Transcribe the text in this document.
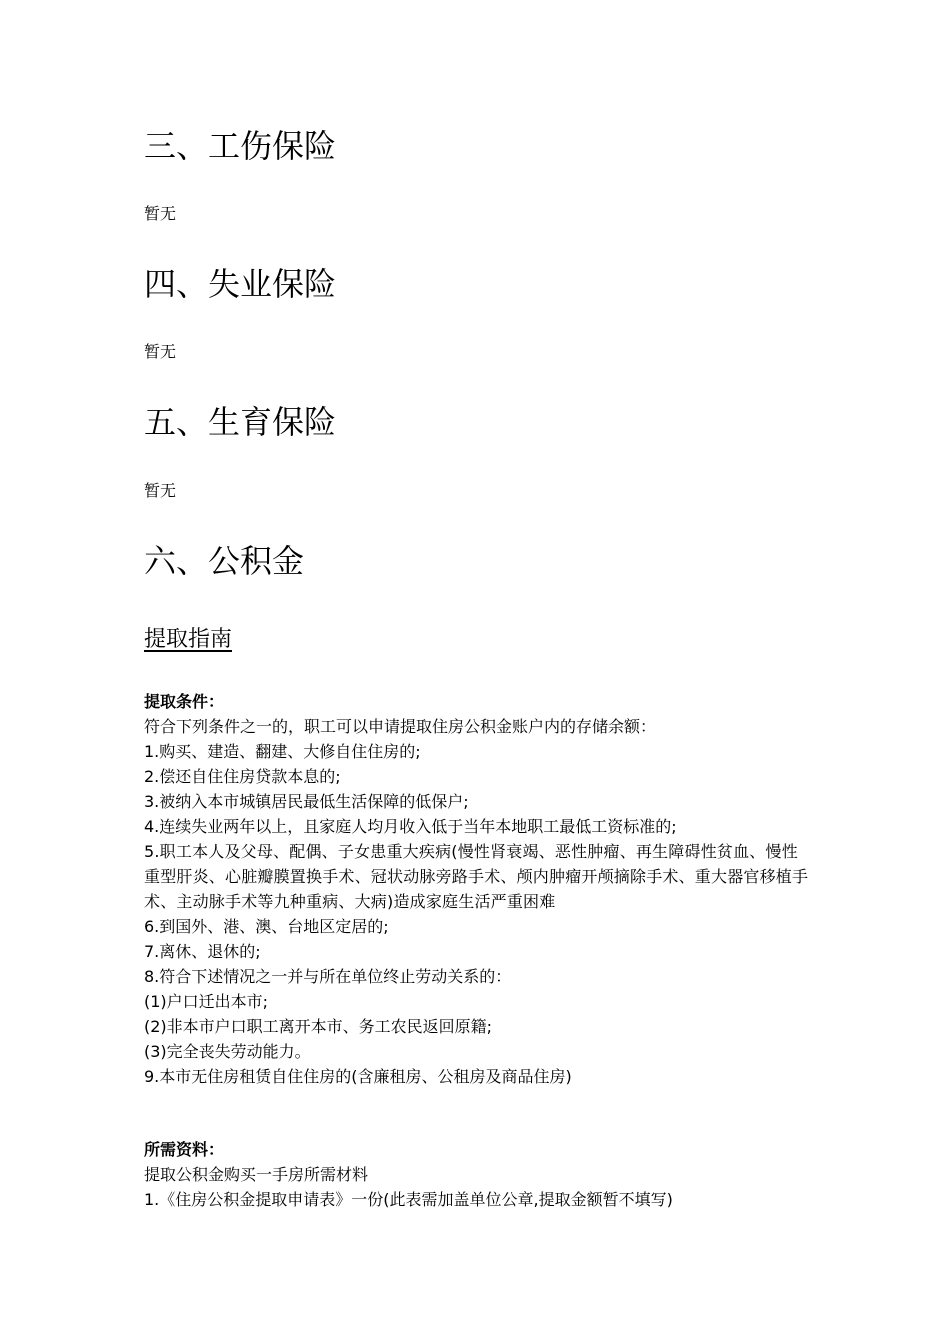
三、工伤保险

暂无

四、失业保险

暂无

五、生育保险

暂无

六、公积金
提取指南
提取条件：
符合下列条件之一的，职工可以申请提取住房公积金账户内的存储余额：
1.购买、建造、翻建、大修自住住房的;
2.偿还自住住房贷款本息的;
3.被纳入本市城镇居民最低生活保障的低保户;
4.连续失业两年以上，且家庭人均月收入低于当年本地职工最低工资标准的;
5.职工本人及父母、配偶、子女患重大疾病(慢性肾衰竭、恶性肿瘤、再生障碍性贫血、慢性重型肝炎、心脏瓣膜置换手术、冠状动脉旁路手术、颅内肿瘤开颅摘除手术、重大器官移植手术、主动脉手术等九种重病、大病)造成家庭生活严重困难
6.到国外、港、澳、台地区定居的;
7.离休、退休的;
8.符合下述情况之一并与所在单位终止劳动关系的：
(1)户口迁出本市;
(2)非本市户口职工离开本市、务工农民返回原籍;
(3)完全丧失劳动能力。
9.本市无住房租赁自住住房的(含廉租房、公租房及商品住房)
所需资料：
提取公积金购买一手房所需材料
1.《住房公积金提取申请表》一份(此表需加盖单位公章,提取金额暂不填写)
